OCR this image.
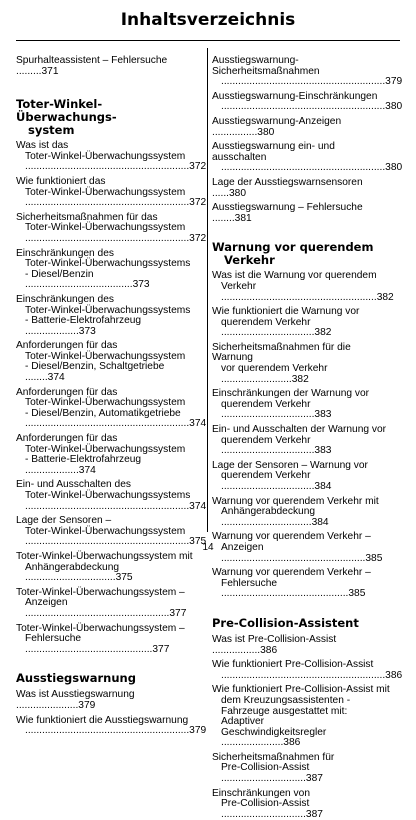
Inhaltsverzeichnis
Spurhalteassistent – Fehlersuche .........371
Toter-Winkel-Überwachungs-
system
Was ist das
Toter-Winkel-Überwachungssystem
..........................................................372
Wie funktioniert das
Toter-Winkel-Überwachungssystem
..........................................................372
Sicherheitsmaßnahmen für das
Toter-Winkel-Überwachungssystem
..........................................................372
Einschränkungen des
Toter-Winkel-Überwachungssystems
- Diesel/Benzin ......................................373
Einschränkungen des
Toter-Winkel-Überwachungssystems
- Batterie-Elektrofahrzeug ...................373
Anforderungen für das
Toter-Winkel-Überwachungssystem
- Diesel/Benzin, Schaltgetriebe ........374
Anforderungen für das
Toter-Winkel-Überwachungssystem
- Diesel/Benzin, Automatikgetriebe
..........................................................374
Anforderungen für das
Toter-Winkel-Überwachungssystem
- Batterie-Elektrofahrzeug ...................374
Ein- und Ausschalten des
Toter-Winkel-Überwachungssystems
..........................................................374
Lage der Sensoren –
Toter-Winkel-Überwachungssystem
..........................................................375
Toter-Winkel-Überwachungssystem mit
Anhängerabdeckung ................................375
Toter-Winkel-Überwachungssystem –
Anzeigen ...................................................377
Toter-Winkel-Überwachungssystem –
Fehlersuche .............................................377
Ausstiegswarnung
Was ist Ausstiegswarnung ......................379
Wie funktioniert die Ausstiegswarnung
..........................................................379
Ausstiegswarnung-Sicherheitsmaßnahmen
..........................................................379
Ausstiegswarnung-Einschränkungen
..........................................................380
Ausstiegswarnung-Anzeigen ................380
Ausstiegswarnung ein- und ausschalten
..........................................................380
Lage der Ausstiegswarnsensoren ......380
Ausstiegswarnung – Fehlersuche ........381
Warnung vor querendem
Verkehr
Was ist die Warnung vor querendem
Verkehr .......................................................382
Wie funktioniert die Warnung vor
querendem Verkehr .................................382
Sicherheitsmaßnahmen für die Warnung
vor querendem Verkehr .........................382
Einschränkungen der Warnung vor
querendem Verkehr .................................383
Ein- und Ausschalten der Warnung vor
querendem Verkehr .................................383
Lage der Sensoren – Warnung vor
querendem Verkehr .................................384
Warnung vor querendem Verkehr mit
Anhängerabdeckung ................................384
Warnung vor querendem Verkehr –
Anzeigen ...................................................385
Warnung vor querendem Verkehr –
Fehlersuche .............................................385
Pre-Collision-Assistent
Was ist Pre-Collision-Assist .................386
Wie funktioniert Pre-Collision-Assist
..........................................................386
Wie funktioniert Pre-Collision-Assist mit
dem Kreuzungsassistenten -
Fahrzeuge ausgestattet mit: Adaptiver
Geschwindigkeitsregler ......................386
Sicherheitsmaßnahmen für
Pre-Collision-Assist ..............................387
Einschränkungen von
Pre-Collision-Assist ..............................387
14
